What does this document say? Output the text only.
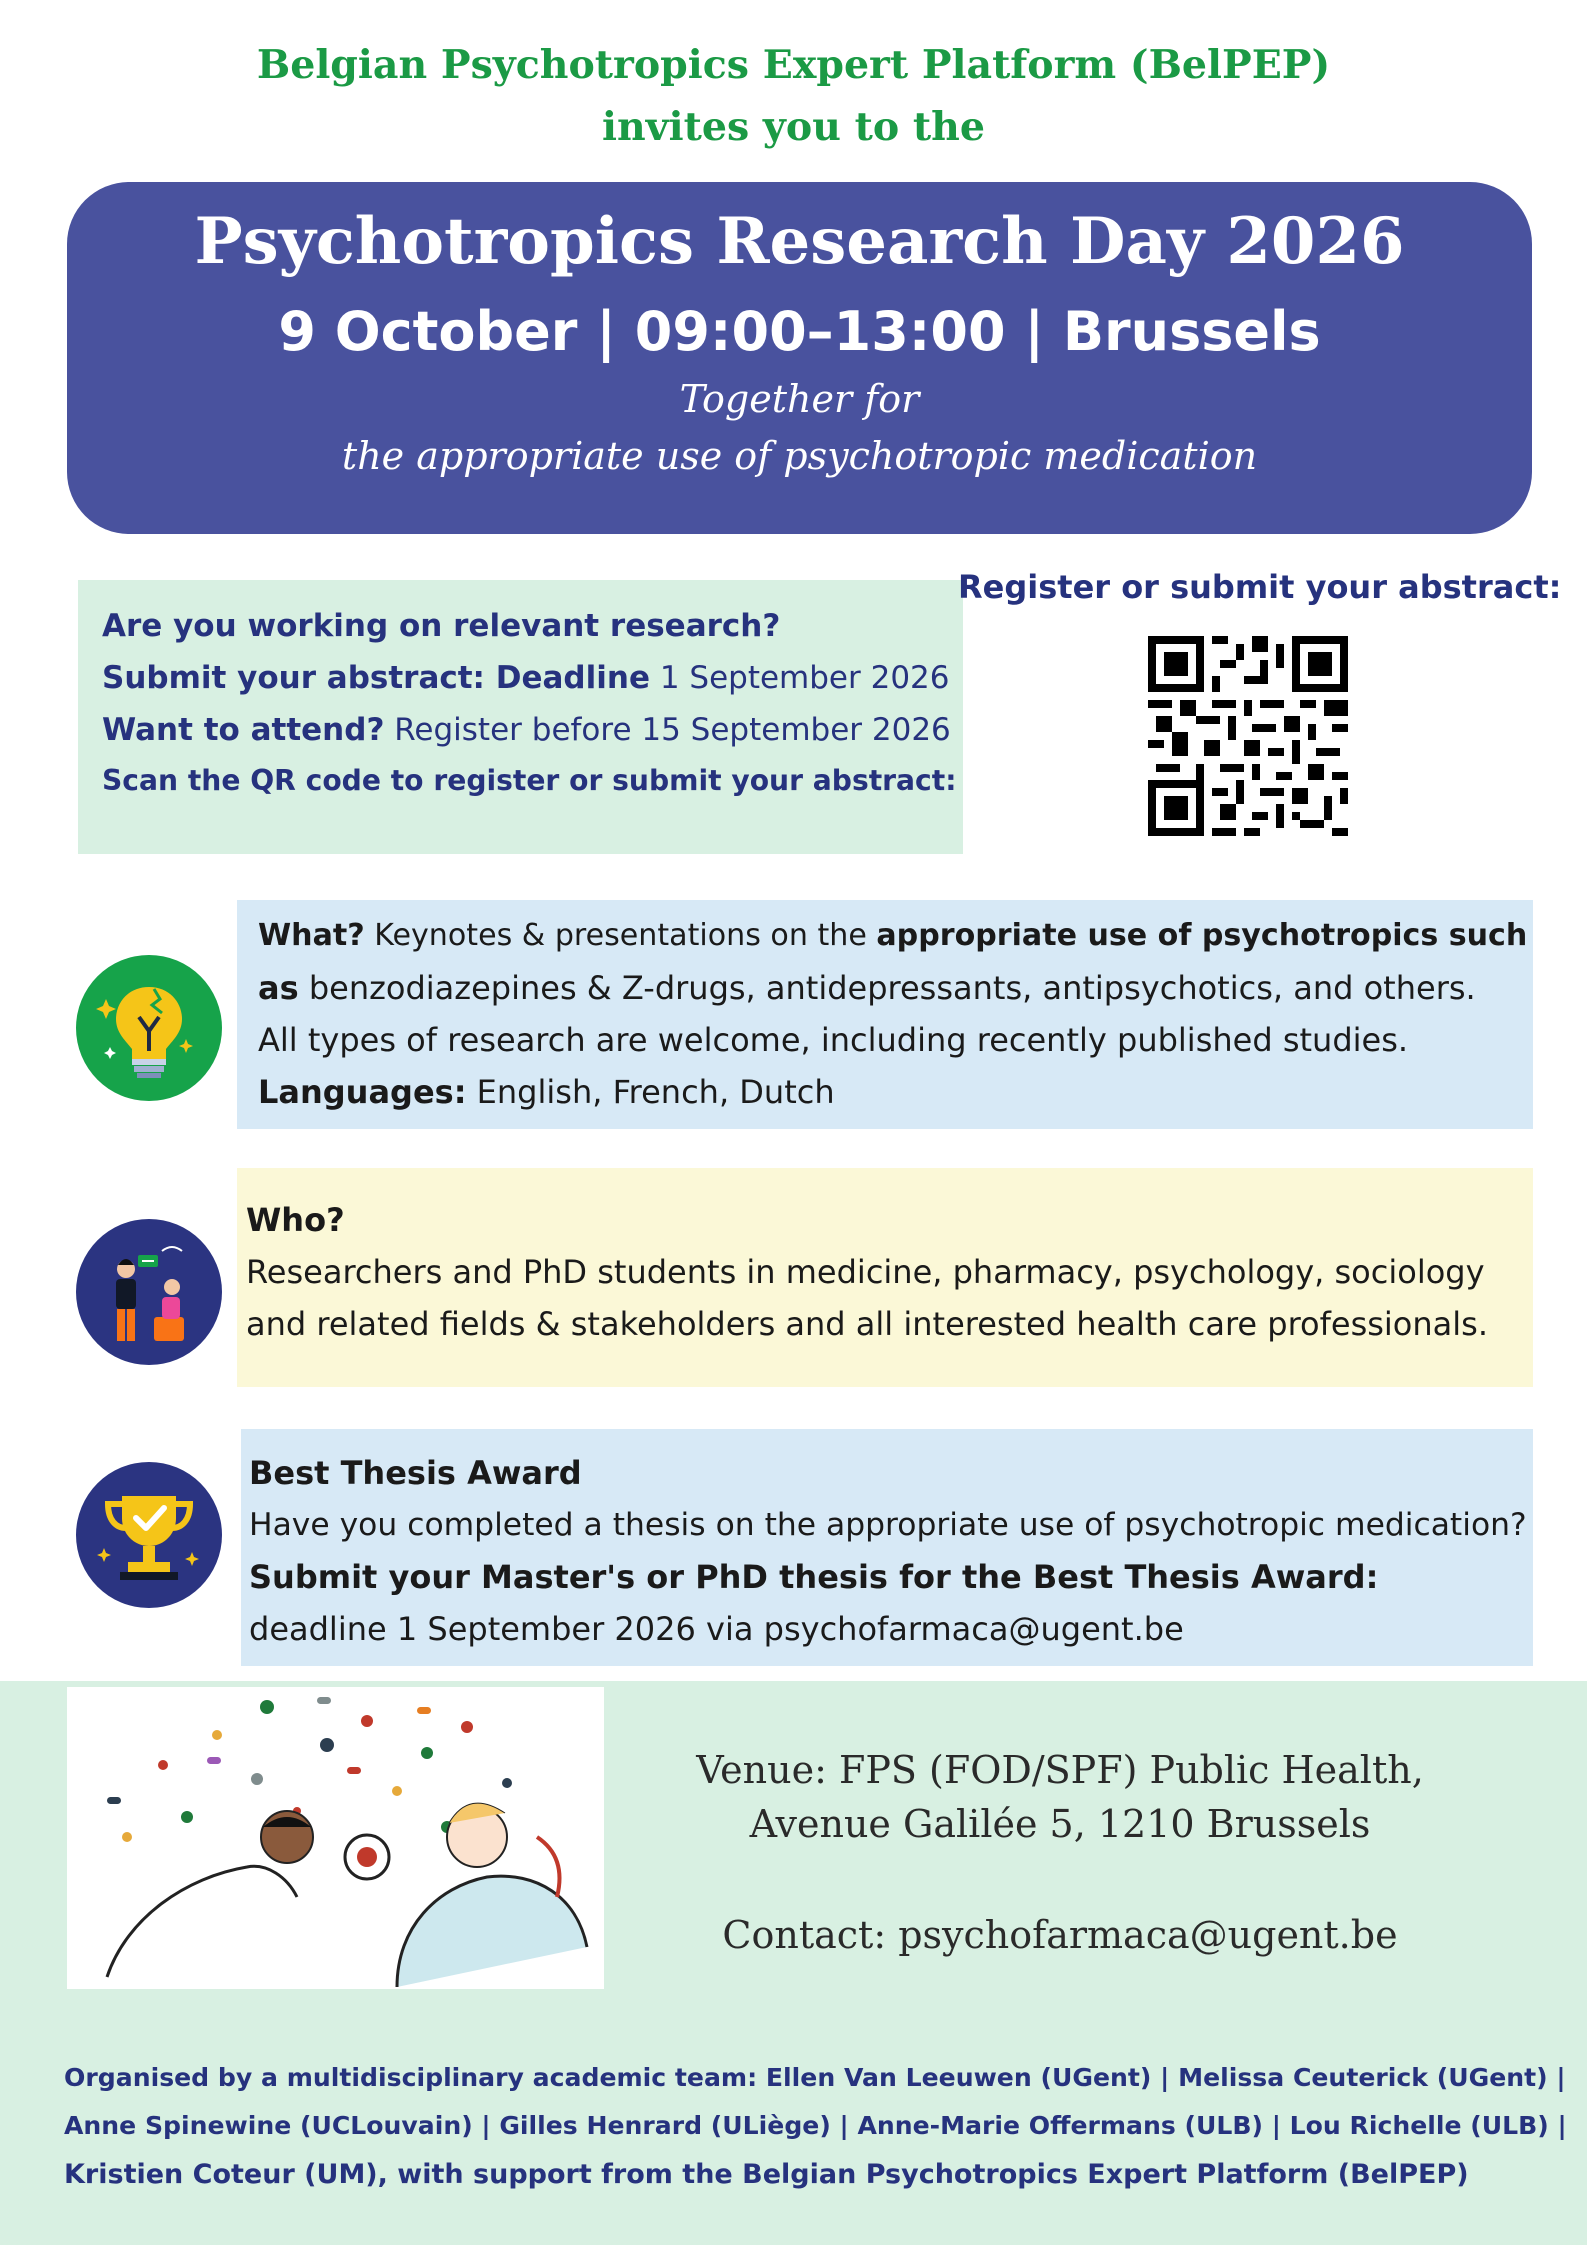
Belgian Psychotropics Expert Platform (BelPEP)
invites you to the
Psychotropics Research Day 2026
9 October | 09:00–13:00 | Brussels
Together for
the appropriate use of psychotropic medication
Are you working on relevant research?
Submit your abstract: Deadline 1 September 2026
Want to attend? Register before 15 September 2026
Scan the QR code to register or submit your abstract:
Register or submit your abstract:
What? Keynotes & presentations on the appropriate use of psychotropics such
as benzodiazepines & Z-drugs, antidepressants, antipsychotics, and others.
All types of research are welcome, including recently published studies.
Languages: English, French, Dutch
Who?
Researchers and PhD students in medicine, pharmacy, psychology, sociology
and related fields & stakeholders and all interested health care professionals.
Best Thesis Award
Have you completed a thesis on the appropriate use of psychotropic medication?
Submit your Master's or PhD thesis for the Best Thesis Award:
deadline 1 September 2026 via psychofarmaca@ugent.be
Venue: FPS (FOD/SPF) Public Health,
Avenue Galilée 5, 1210 Brussels
Contact: psychofarmaca@ugent.be
Organised by a multidisciplinary academic team: Ellen Van Leeuwen (UGent) | Melissa Ceuterick (UGent) |
Anne Spinewine (UCLouvain) | Gilles Henrard (ULiège) | Anne-Marie Offermans (ULB) | Lou Richelle (ULB) |
Kristien Coteur (UM), with support from the Belgian Psychotropics Expert Platform (BelPEP)
